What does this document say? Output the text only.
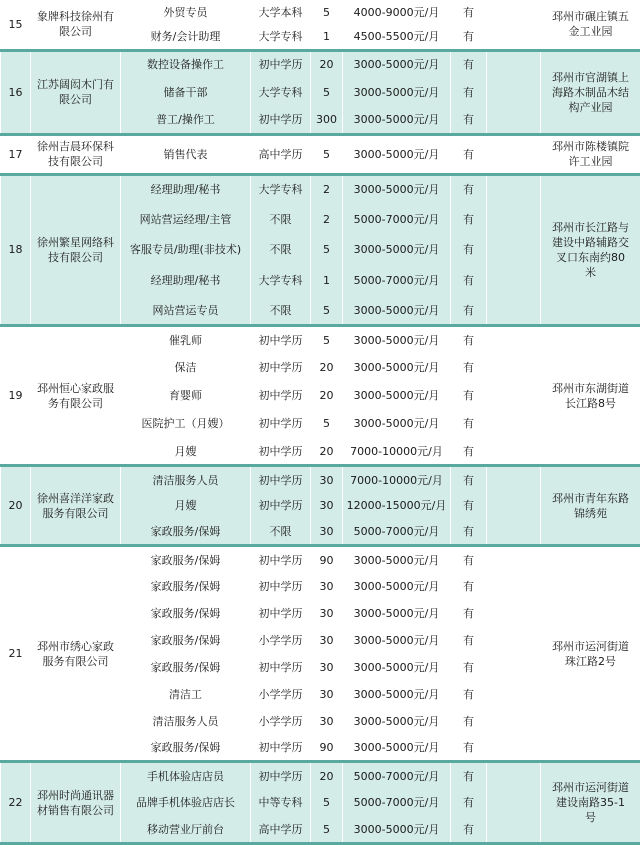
15	象牌科技徐州有限公司	外贸专员	大学本科	5	4000-9000元/月	有		邳州市碾庄镇五金工业园	
		财务/会计助理	大学专科	1	4500-5500元/月	有			
16	江苏阔闳木门有限公司	数控设备操作工	初中学历	20	3000-5000元/月	有		邳州市官湖镇上海路木制品木结构产业园	
		储备干部	大学专科	5	3000-5000元/月	有			
		普工/操作工	初中学历	300	3000-5000元/月	有			
17	徐州吉晨环保科技有限公司	销售代表	高中学历	5	3000-5000元/月	有		邳州市陈楼镇院许工业园	
18	徐州繁星网络科技有限公司	经理助理/秘书	大学专科	2	3000-5000元/月	有		邳州市长江路与建设中路辅路交叉口东南约80米	
		网站营运经理/主管	不限	2	5000-7000元/月	有			
		客服专员/助理(非技术)	不限	5	3000-5000元/月	有			
		经理助理/秘书	大学专科	1	5000-7000元/月	有			
		网站营运专员	不限	5	3000-5000元/月	有			
19	邳州恒心家政服务有限公司	催乳师	初中学历	5	3000-5000元/月	有		邳州市东湖街道长江路8号	
		保洁	初中学历	20	3000-5000元/月	有			
		育婴师	初中学历	20	3000-5000元/月	有			
		医院护工（月嫂）	初中学历	5	3000-5000元/月	有			
		月嫂	初中学历	20	7000-10000元/月	有			
20	徐州喜洋洋家政服务有限公司	清洁服务人员	初中学历	30	7000-10000元/月	有		邳州市青年东路锦绣苑	
		月嫂	初中学历	30	12000-15000元/月	有			
		家政服务/保姆	不限	30	5000-7000元/月	有			
21	邳州市绣心家政服务有限公司	家政服务/保姆	初中学历	90	3000-5000元/月	有		邳州市运河街道珠江路2号	
		家政服务/保姆	初中学历	30	3000-5000元/月	有			
		家政服务/保姆	初中学历	30	3000-5000元/月	有			
		家政服务/保姆	小学学历	30	3000-5000元/月	有			
		家政服务/保姆	初中学历	30	3000-5000元/月	有			
		清洁工	小学学历	30	3000-5000元/月	有			
		清洁服务人员	小学学历	30	3000-5000元/月	有			
		家政服务/保姆	初中学历	90	3000-5000元/月	有			
22	邳州时尚通讯器材销售有限公司	手机体验店店员	初中学历	20	5000-7000元/月	有		邳州市运河街道建设南路35-1号	
		品牌手机体验店店长	中等专科	5	5000-7000元/月	有			
		移动营业厅前台	高中学历	5	3000-5000元/月	有			
